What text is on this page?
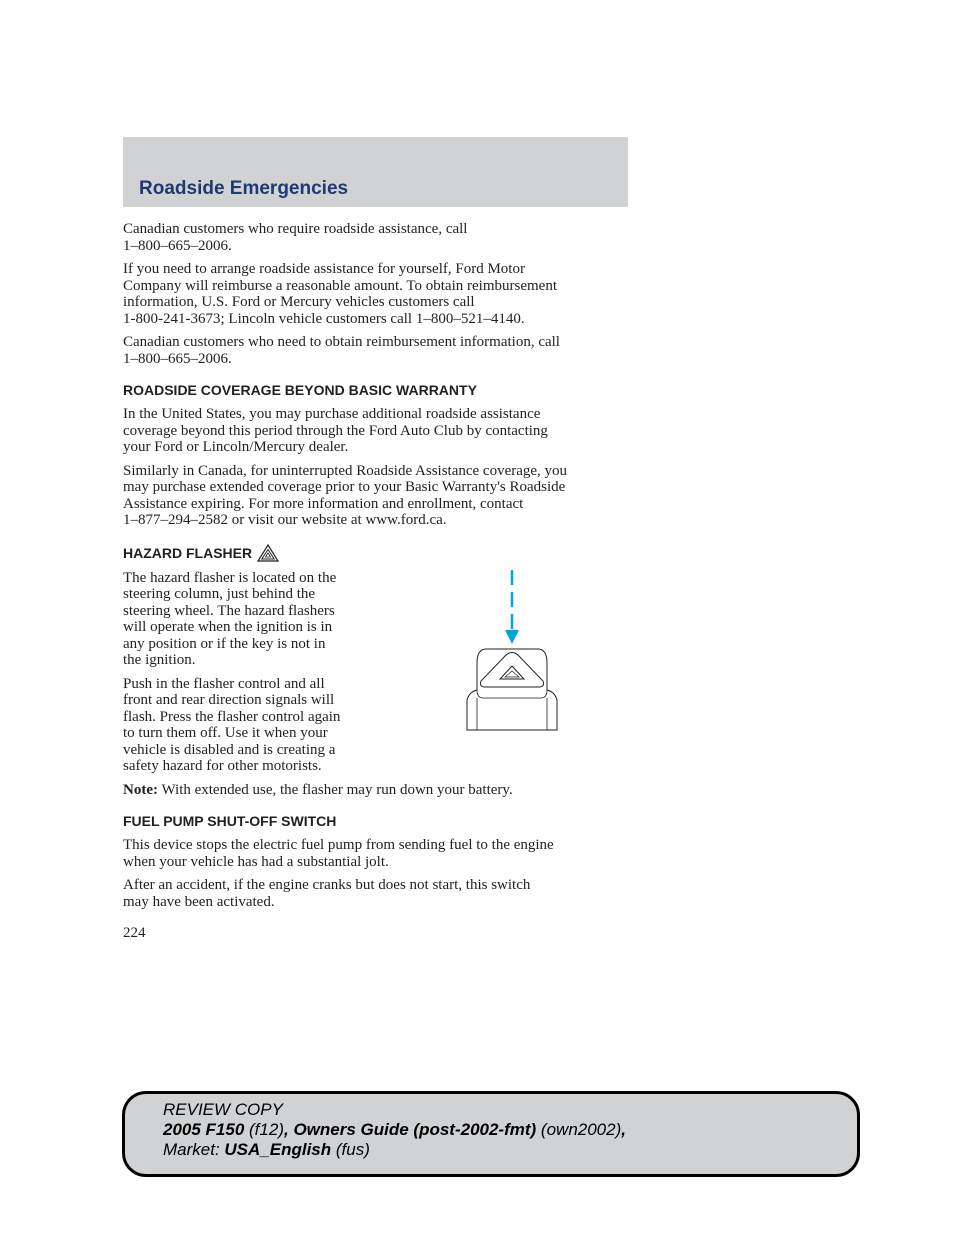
Roadside Emergencies

Canadian customers who require roadside assistance, call
1–800–665–2006.

If you need to arrange roadside assistance for yourself, Ford Motor
Company will reimburse a reasonable amount. To obtain reimbursement
information, U.S. Ford or Mercury vehicles customers call
1-800-241-3673; Lincoln vehicle customers call 1–800–521–4140.

Canadian customers who need to obtain reimbursement information, call
1–800–665–2006.

ROADSIDE COVERAGE BEYOND BASIC WARRANTY

In the United States, you may purchase additional roadside assistance
coverage beyond this period through the Ford Auto Club by contacting
your Ford or Lincoln/Mercury dealer.

Similarly in Canada, for uninterrupted Roadside Assistance coverage, you
may purchase extended coverage prior to your Basic Warranty's Roadside
Assistance expiring. For more information and enrollment, contact
1–877–294–2582 or visit our website at www.ford.ca.

HAZARD FLASHER

The hazard flasher is located on the
steering column, just behind the
steering wheel. The hazard flashers
will operate when the ignition is in
any position or if the key is not in
the ignition.

Push in the flasher control and all
front and rear direction signals will
flash. Press the flasher control again
to turn them off. Use it when your
vehicle is disabled and is creating a
safety hazard for other motorists.

Note: With extended use, the flasher may run down your battery.

FUEL PUMP SHUT-OFF SWITCH

This device stops the electric fuel pump from sending fuel to the engine
when your vehicle has had a substantial jolt.

After an accident, if the engine cranks but does not start, this switch
may have been activated.

224
REVIEW COPY
2005 F150 (f12), Owners Guide (post-2002-fmt) (own2002),
Market: USA_English (fus)
